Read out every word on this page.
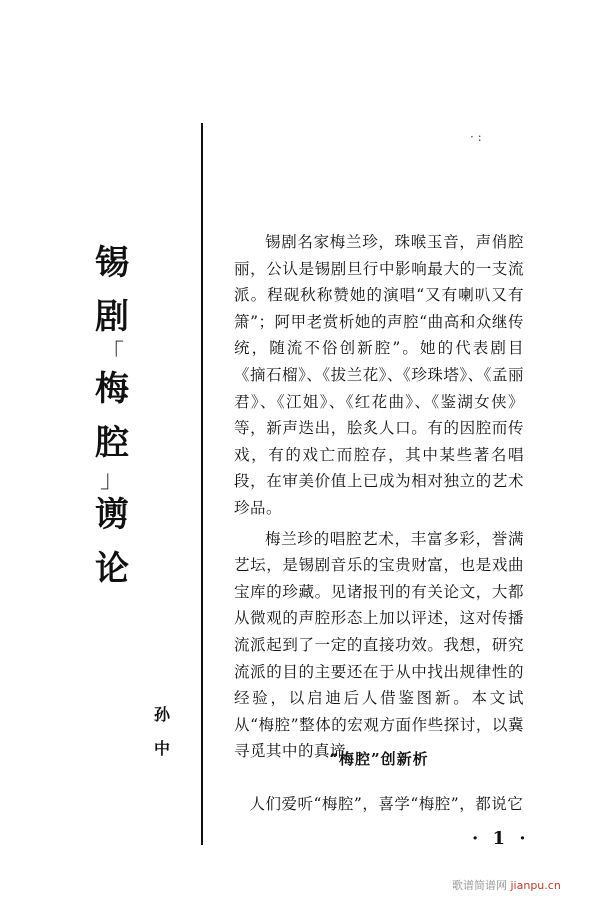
· :
锡
剧
「
梅
腔
」
谫
论
孙
中

锡剧名家梅兰珍，珠喉玉音，声俏腔丽，公认是锡剧旦行中影响最大的一支流派。程砚秋称赞她的演唱“又有喇叭又有箫”；阿甲老赏析她的声腔“曲高和众继传统，随流不俗创新腔”。她的代表剧目《摘石榴》、《拔兰花》、《珍珠塔》、《孟丽君》、《江姐》、《红花曲》、《鉴湖女侠》等，新声迭出，脍炙人口。有的因腔而传戏，有的戏亡而腔存，其中某些著名唱段，在审美价值上已成为相对独立的艺术珍品。

梅兰珍的唱腔艺术，丰富多彩，誉满艺坛，是锡剧音乐的宝贵财富，也是戏曲宝库的珍藏。见诸报刊的有关论文，大都从微观的声腔形态上加以评述，这对传播流派起到了一定的直接功效。我想，研究流派的目的主要还在于从中找出规律性的经验，以启迪后人借鉴图新。本文试从“梅腔”整体的宏观方面作些探讨，以冀寻觅其中的真谛。

“梅腔”创新析

人们爱听“梅腔”，喜学“梅腔”，都说它

· 1 ·
歌谱简谱网 jianpu.cn
